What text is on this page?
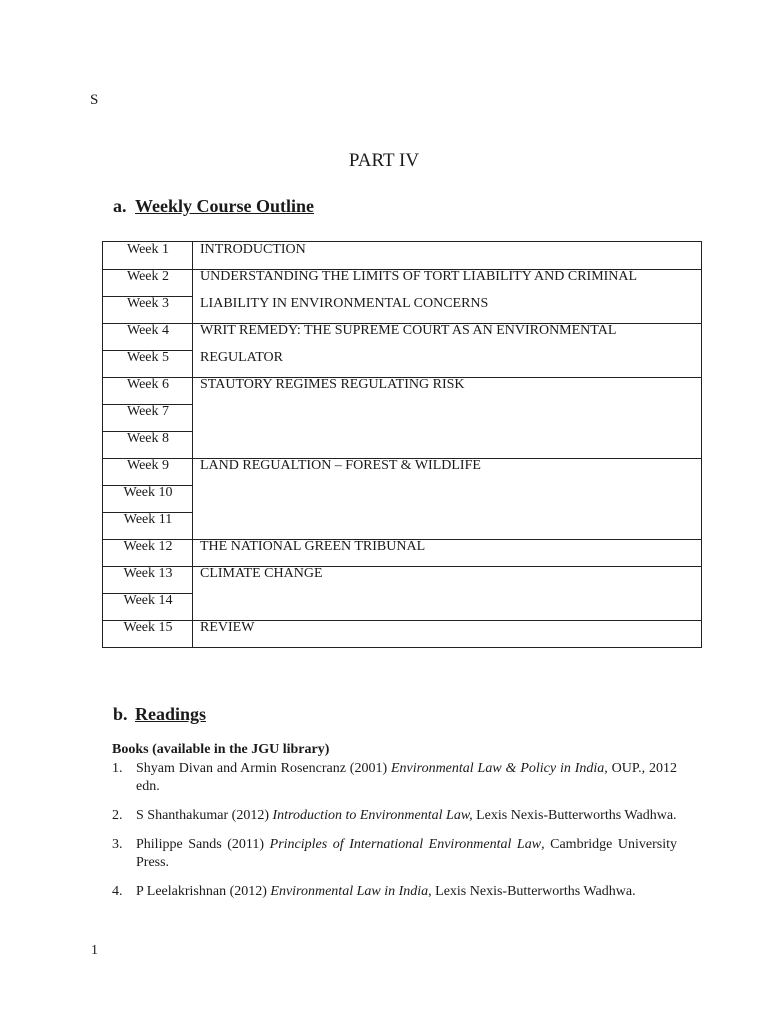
S
PART IV
a. Weekly Course Outline
Week 1
Week 2
Week 3
Week 4
Week 5
Week 6
Week 7
Week 8
Week 9
Week 10
Week 11
Week 12
Week 13
Week 14
Week 15
INTRODUCTION
UNDERSTANDING THE LIMITS OF TORT LIABILITY AND CRIMINAL
LIABILITY IN ENVIRONMENTAL CONCERNS
WRIT REMEDY: THE SUPREME COURT AS AN ENVIRONMENTAL
REGULATOR
STAUTORY REGIMES REGULATING RISK
LAND REGUALTION – FOREST & WILDLIFE
THE NATIONAL GREEN TRIBUNAL
CLIMATE CHANGE
REVIEW
b. Readings
Books (available in the JGU library)
1. Shyam Divan and Armin Rosencranz (2001) Environmental Law & Policy in India, OUP., 2012 edn.
2. S Shanthakumar (2012) Introduction to Environmental Law, Lexis Nexis-Butterworths Wadhwa.
3. Philippe Sands (2011) Principles of International Environmental Law, Cambridge University Press.
4. P Leelakrishnan (2012) Environmental Law in India, Lexis Nexis-Butterworths Wadhwa.
1
